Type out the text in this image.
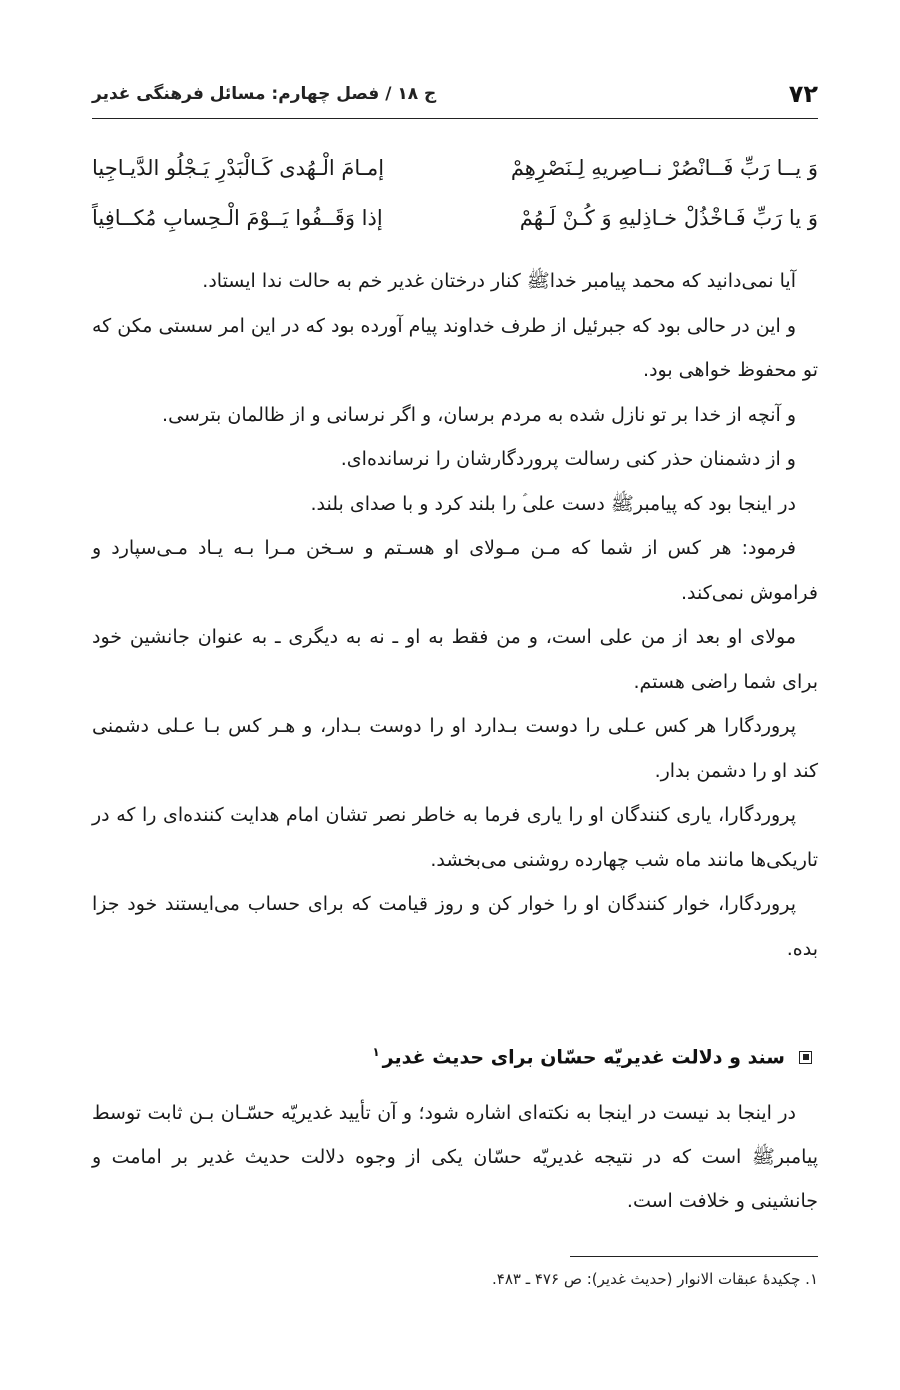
۷۲
ج ۱۸ / فصل چهارم: مسائل فرهنگی غدیر
وَ يــا رَبِّ فَــانْصُرْ نــاصِريهِ لِـنَصْرِهِمْ
إمـامَ الْـهُدى كَـالْبَدْرِ يَـجْلُو الدَّيـاجِيا
وَ يا رَبِّ فَـاخْذُلْ خـاذِليهِ وَ كُـنْ لَـهُمْ
إذا وَقَــفُوا يَــوْمَ الْـحِسابِ مُكــافِياً

آیا نمی‌دانید که محمد پیامبر خداﷺ کنار درختان غدیر خم به حالت ندا ایستاد.

و این در حالی بود که جبرئیل از طرف خداوند پیام آورده بود که در این امر سستی مکن که تو محفوظ خواهی بود.

و آنچه از خدا بر تو نازل شده به مردم برسان، و اگر نرسانی و از ظالمان بترسی.

و از دشمنان حذر کنی رسالت پروردگارشان را نرسانده‌ای.

در اینجا بود که پیامبرﷺ دست علی‎ؑ را بلند کرد و با صدای بلند.

فرمود: هر کس از شما که مـن مـولای او هسـتم و سـخن مـرا بـه یـاد مـی‌سپارد و فراموش نمی‌کند.

مولای او بعد از من علی است، و من فقط به او ـ نه به دیگری ـ به عنوان جانشین خود برای شما راضی هستم.

پروردگارا هر کس عـلی را دوست بـدارد او را دوست بـدار، و هـر کس بـا عـلی دشمنی کند او را دشمن بدار.

پروردگارا، یاری کنندگان او را یاری فرما به خاطر نصر تشان امام هدایت کننده‌ای را که در تاریکی‌ها مانند ماه شب چهارده روشنی می‌بخشد.

پروردگارا، خوار کنندگان او را خوار کن و روز قیامت که برای حساب می‌ایستند خود جزا بده.

سند و دلالت غدیریّه حسّان برای حدیث غدیر$^۱$

در اینجا بد نیست در اینجا به نکته‌ای اشاره شود؛ و آن تأیید غدیریّه حسّـان بـن ثابت توسط پیامبرﷺ است که در نتیجه غدیریّه حسّان یکی از وجوه دلالت حدیث غدیر بر امامت و جانشینی و خلافت است.

۱. چکیدهٔ عبقات الانوار (حدیث غدیر): ص ۴۷۶ ـ ۴۸۳.
